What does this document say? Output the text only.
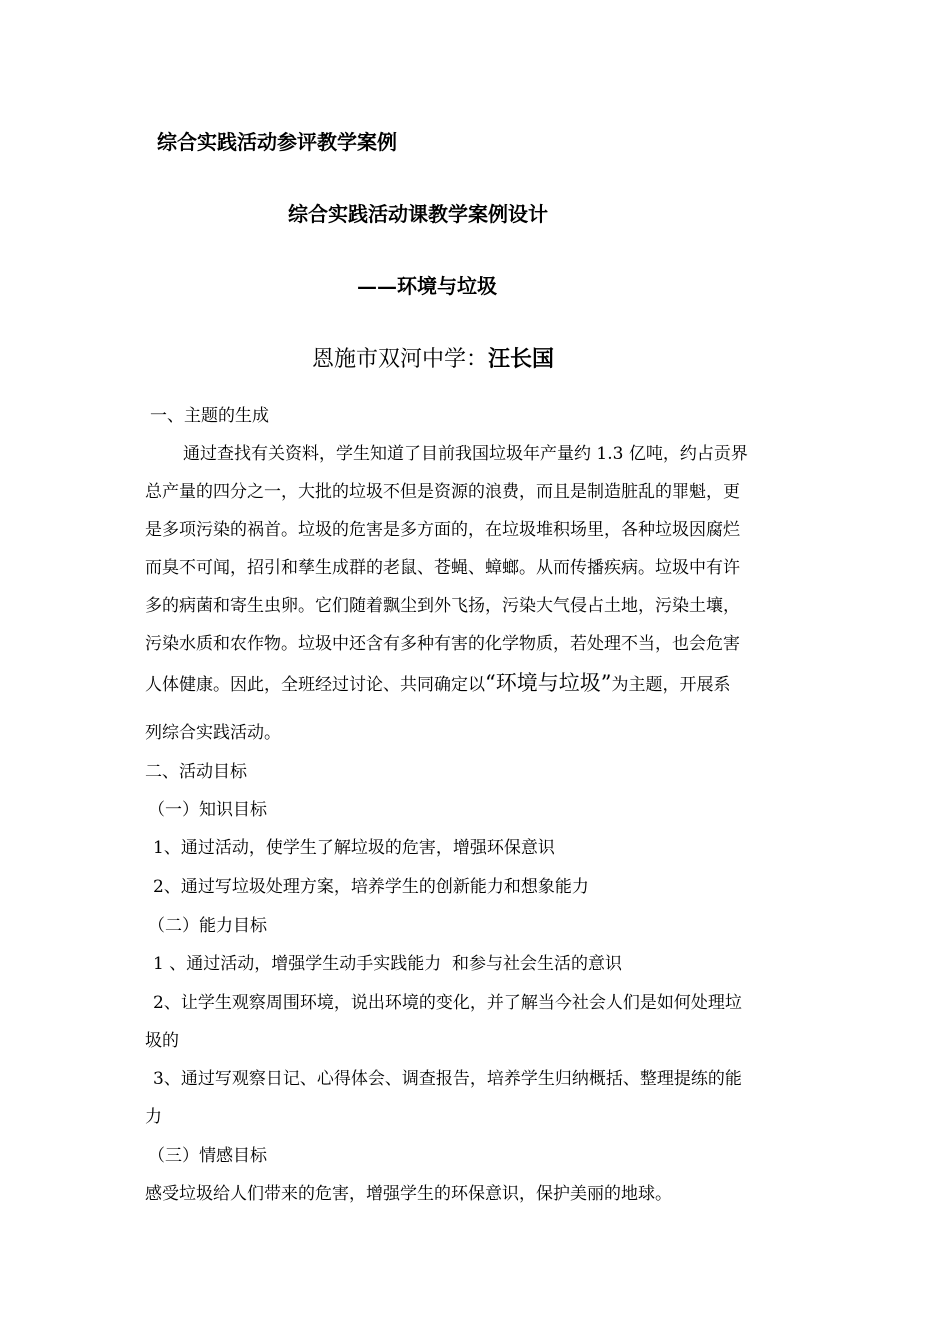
综合实践活动参评教学案例
综合实践活动课教学案例设计
——环境与垃圾
恩施市双河中学：汪长国
一、主题的生成
通过查找有关资料，学生知道了目前我国垃圾年产量约 1.3 亿吨，约占贡界
总产量的四分之一，大批的垃圾不但是资源的浪费，而且是制造脏乱的罪魁，更
是多项污染的祸首。垃圾的危害是多方面的，在垃圾堆积场里，各种垃圾因腐烂
而臭不可闻，招引和孳生成群的老鼠、苍蝇、蟑螂。从而传播疾病。垃圾中有许
多的病菌和寄生虫卵。它们随着飘尘到外飞扬，污染大气侵占土地，污染土壤，
污染水质和农作物。垃圾中还含有多种有害的化学物质，若处理不当，也会危害
人体健康。因此，全班经过讨论、共同确定以“环境与垃圾”为主题，开展系
列综合实践活动。
二、活动目标
（一）知识目标
1、通过活动，使学生了解垃圾的危害，增强环保意识
2、通过写垃圾处理方案，培养学生的创新能力和想象能力
（二）能力目标
1 、通过活动，增强学生动手实践能力  和参与社会生活的意识
2、让学生观察周围环境，说出环境的变化，并了解当今社会人们是如何处理垃
圾的
3、通过写观察日记、心得体会、调查报告，培养学生归纳概括、整理提练的能
力
（三）情感目标
感受垃圾给人们带来的危害，增强学生的环保意识，保护美丽的地球。
